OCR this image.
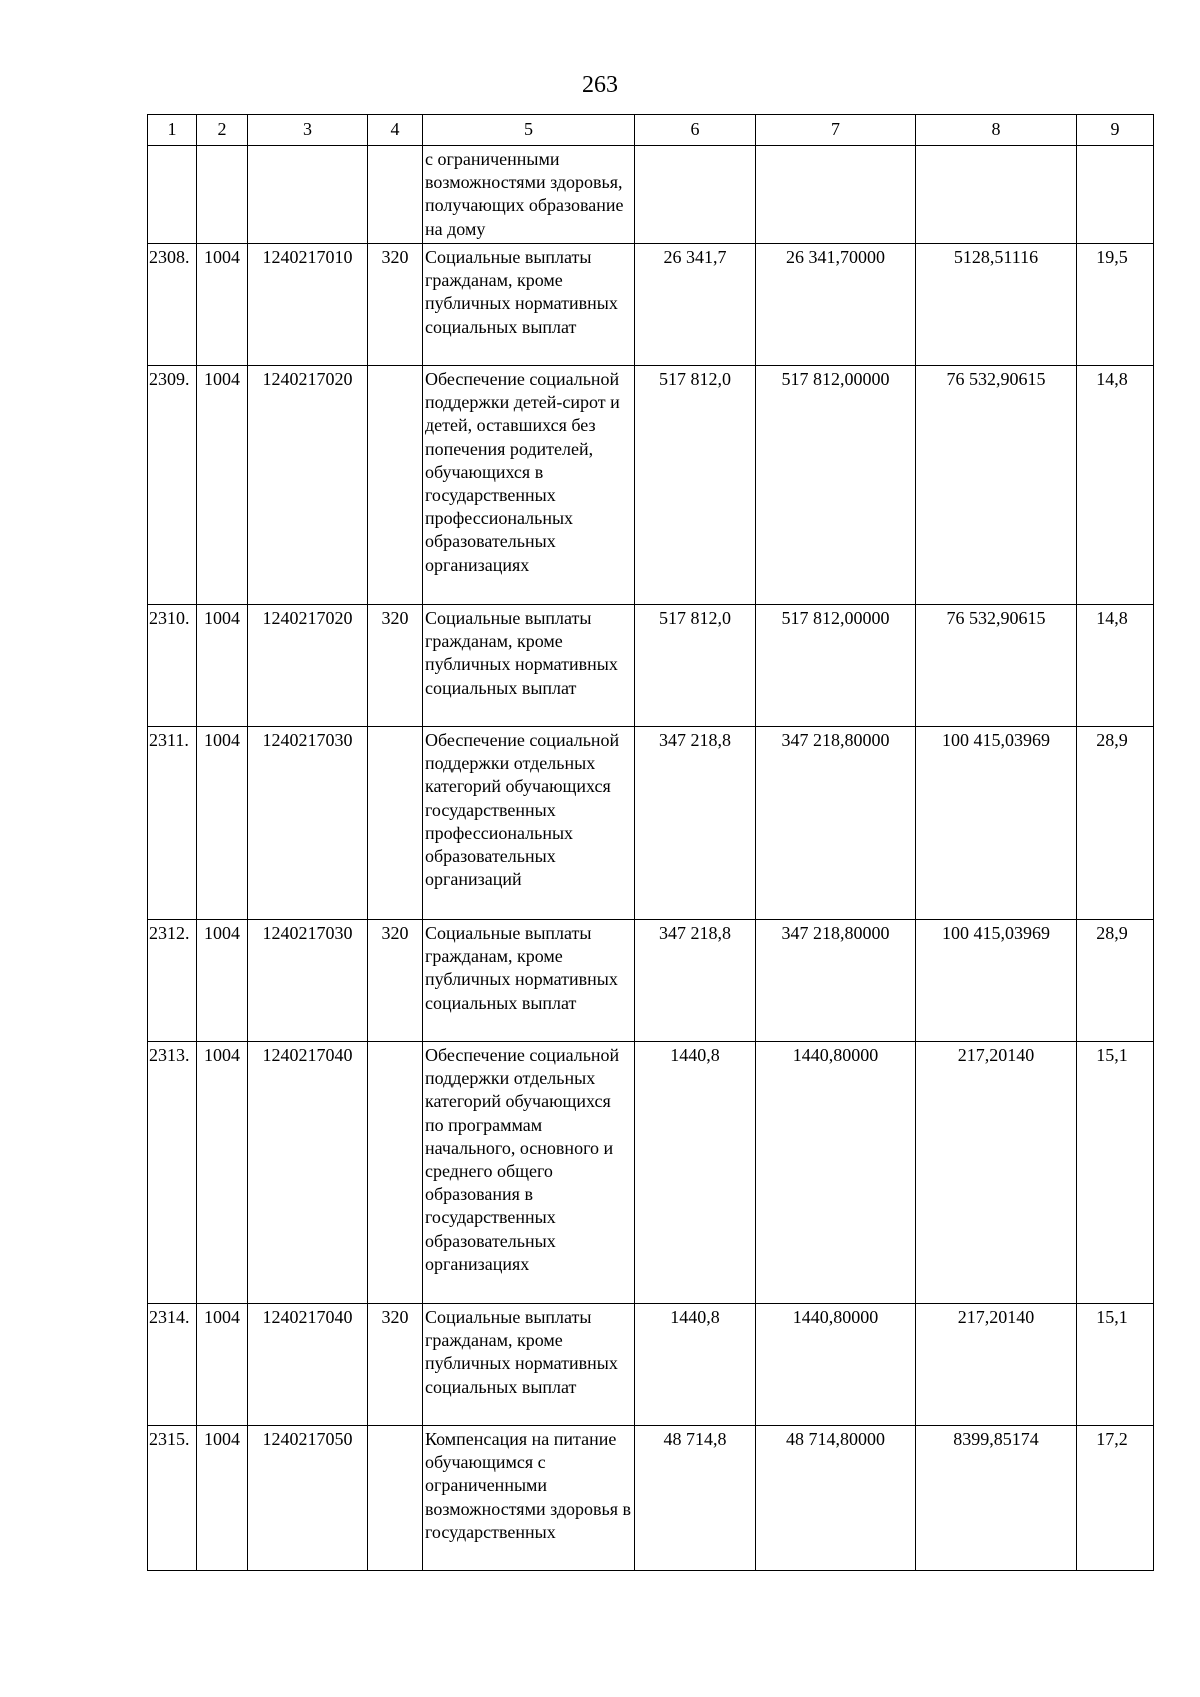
263
1	2	3	4	5	6	7	8	9

				с ограниченными возможностями здоровья, получающих образование на дому				

2308.	1004	1240217010	320	Социальные выплаты гражданам, кроме публичных нормативных социальных выплат	26 341,7	26 341,70000	5128,51116	19,5

2309.	1004	1240217020		Обеспечение социальной поддержки детей-сирот и детей, оставшихся без попечения родителей, обучающихся в государственных профессиональных образовательных организациях	517 812,0	517 812,00000	76 532,90615	14,8

2310.	1004	1240217020	320	Социальные выплаты гражданам, кроме публичных нормативных социальных выплат	517 812,0	517 812,00000	76 532,90615	14,8

2311.	1004	1240217030		Обеспечение социальной поддержки отдельных категорий обучающихся государственных профессиональных образовательных организаций	347 218,8	347 218,80000	100 415,03969	28,9

2312.	1004	1240217030	320	Социальные выплаты гражданам, кроме публичных нормативных социальных выплат	347 218,8	347 218,80000	100 415,03969	28,9

2313.	1004	1240217040		Обеспечение социальной поддержки отдельных категорий обучающихся по программам начального, основного и среднего общего образования в государственных образовательных организациях	1440,8	1440,80000	217,20140	15,1

2314.	1004	1240217040	320	Социальные выплаты гражданам, кроме публичных нормативных социальных выплат	1440,8	1440,80000	217,20140	15,1

2315.	1004	1240217050		Компенсация на питание обучающимся с ограниченными возможностями здоровья в государственных	48 714,8	48 714,80000	8399,85174	17,2
